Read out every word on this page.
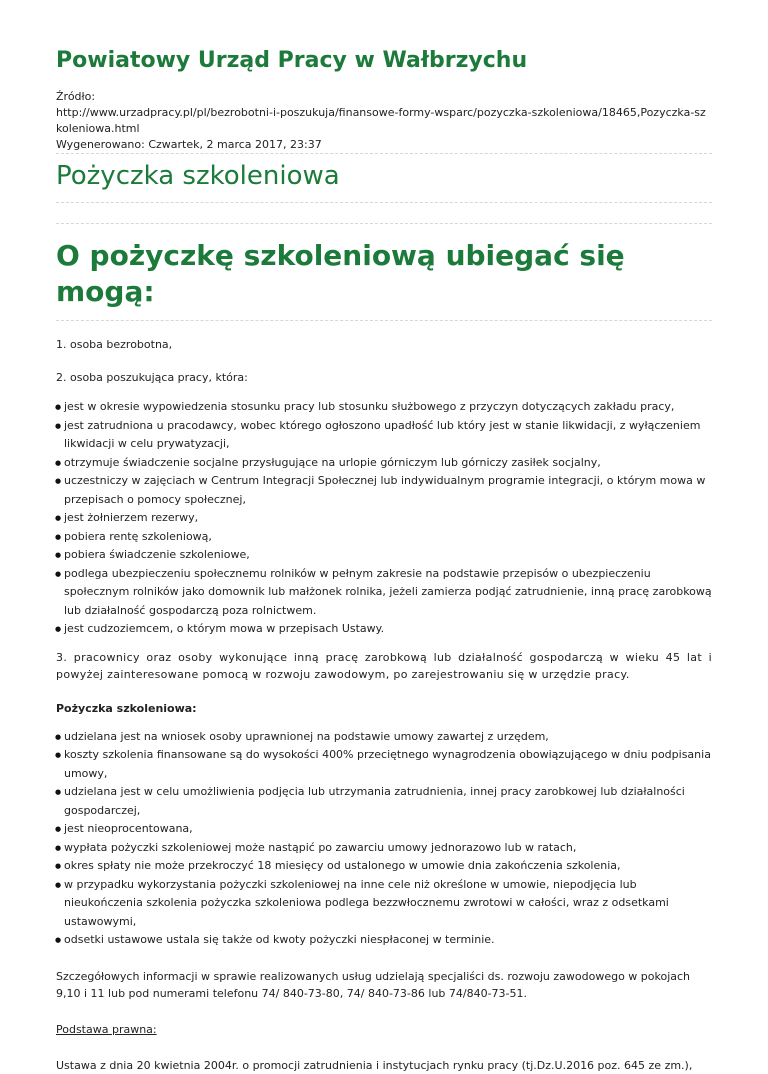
Powiatowy Urząd Pracy w Wałbrzychu
Źródło:
http://www.urzadpracy.pl/pl/bezrobotni-i-poszukuja/finansowe-formy-wsparc/pozyczka-szkoleniowa/18465,Pozyczka-szkoleniowa.html
Wygenerowano: Czwartek, 2 marca 2017, 23:37
Pożyczka szkoleniowa
O pożyczkę szkoleniową ubiegać się mogą:

1. osoba bezrobotna,

2. osoba poszukująca pracy, która:

● jest w okresie wypowiedzenia stosunku pracy lub stosunku służbowego z przyczyn dotyczących zakładu pracy,
● jest zatrudniona u pracodawcy, wobec którego ogłoszono upadłość lub który jest w stanie likwidacji, z wyłączeniem likwidacji w celu prywatyzacji,
● otrzymuje świadczenie socjalne przysługujące na urlopie górniczym lub górniczy zasiłek socjalny,
● uczestniczy w zajęciach w Centrum Integracji Społecznej lub indywidualnym programie integracji, o którym mowa w przepisach o pomocy społecznej,
● jest żołnierzem rezerwy,
● pobiera rentę szkoleniową,
● pobiera świadczenie szkoleniowe,
● podlega ubezpieczeniu społecznemu rolników w pełnym zakresie na podstawie przepisów o ubezpieczeniu społecznym rolników jako domownik lub małżonek rolnika, jeżeli zamierza podjąć zatrudnienie, inną pracę zarobkową lub działalność gospodarczą poza rolnictwem.
● jest cudzoziemcem, o którym mowa w przepisach Ustawy.

3. pracownicy oraz osoby wykonujące inną pracę zarobkową lub działalność gospodarczą w wieku 45 lat i powyżej zainteresowane pomocą w rozwoju zawodowym, po zarejestrowaniu się w urzędzie pracy.

Pożyczka szkoleniowa:

● udzielana jest na wniosek osoby uprawnionej na podstawie umowy zawartej z urzędem,
● koszty szkolenia finansowane są do wysokości 400% przeciętnego wynagrodzenia obowiązującego w dniu podpisania umowy,
● udzielana jest w celu umożliwienia podjęcia lub utrzymania zatrudnienia, innej pracy zarobkowej lub działalności gospodarczej,
● jest nieoprocentowana,
● wypłata pożyczki szkoleniowej może nastąpić po zawarciu umowy jednorazowo lub w ratach,
● okres spłaty nie może przekroczyć 18 miesięcy od ustalonego w umowie dnia zakończenia szkolenia,
● w przypadku wykorzystania pożyczki szkoleniowej na inne cele niż określone w umowie, niepodjęcia lub nieukończenia szkolenia pożyczka szkoleniowa podlega bezzwłocznemu zwrotowi w całości, wraz z odsetkami ustawowymi,
● odsetki ustawowe ustala się także od kwoty pożyczki niespłaconej w terminie.

Szczegółowych informacji w sprawie realizowanych usług udzielają specjaliści ds. rozwoju zawodowego w pokojach 9,10 i 11 lub pod numerami telefonu 74/ 840-73-80, 74/ 840-73-86 lub 74/840-73-51.

Podstawa prawna:

Ustawa z dnia 20 kwietnia 2004r. o promocji zatrudnienia i instytucjach rynku pracy (tj.Dz.U.2016 poz. 645 ze zm.),
